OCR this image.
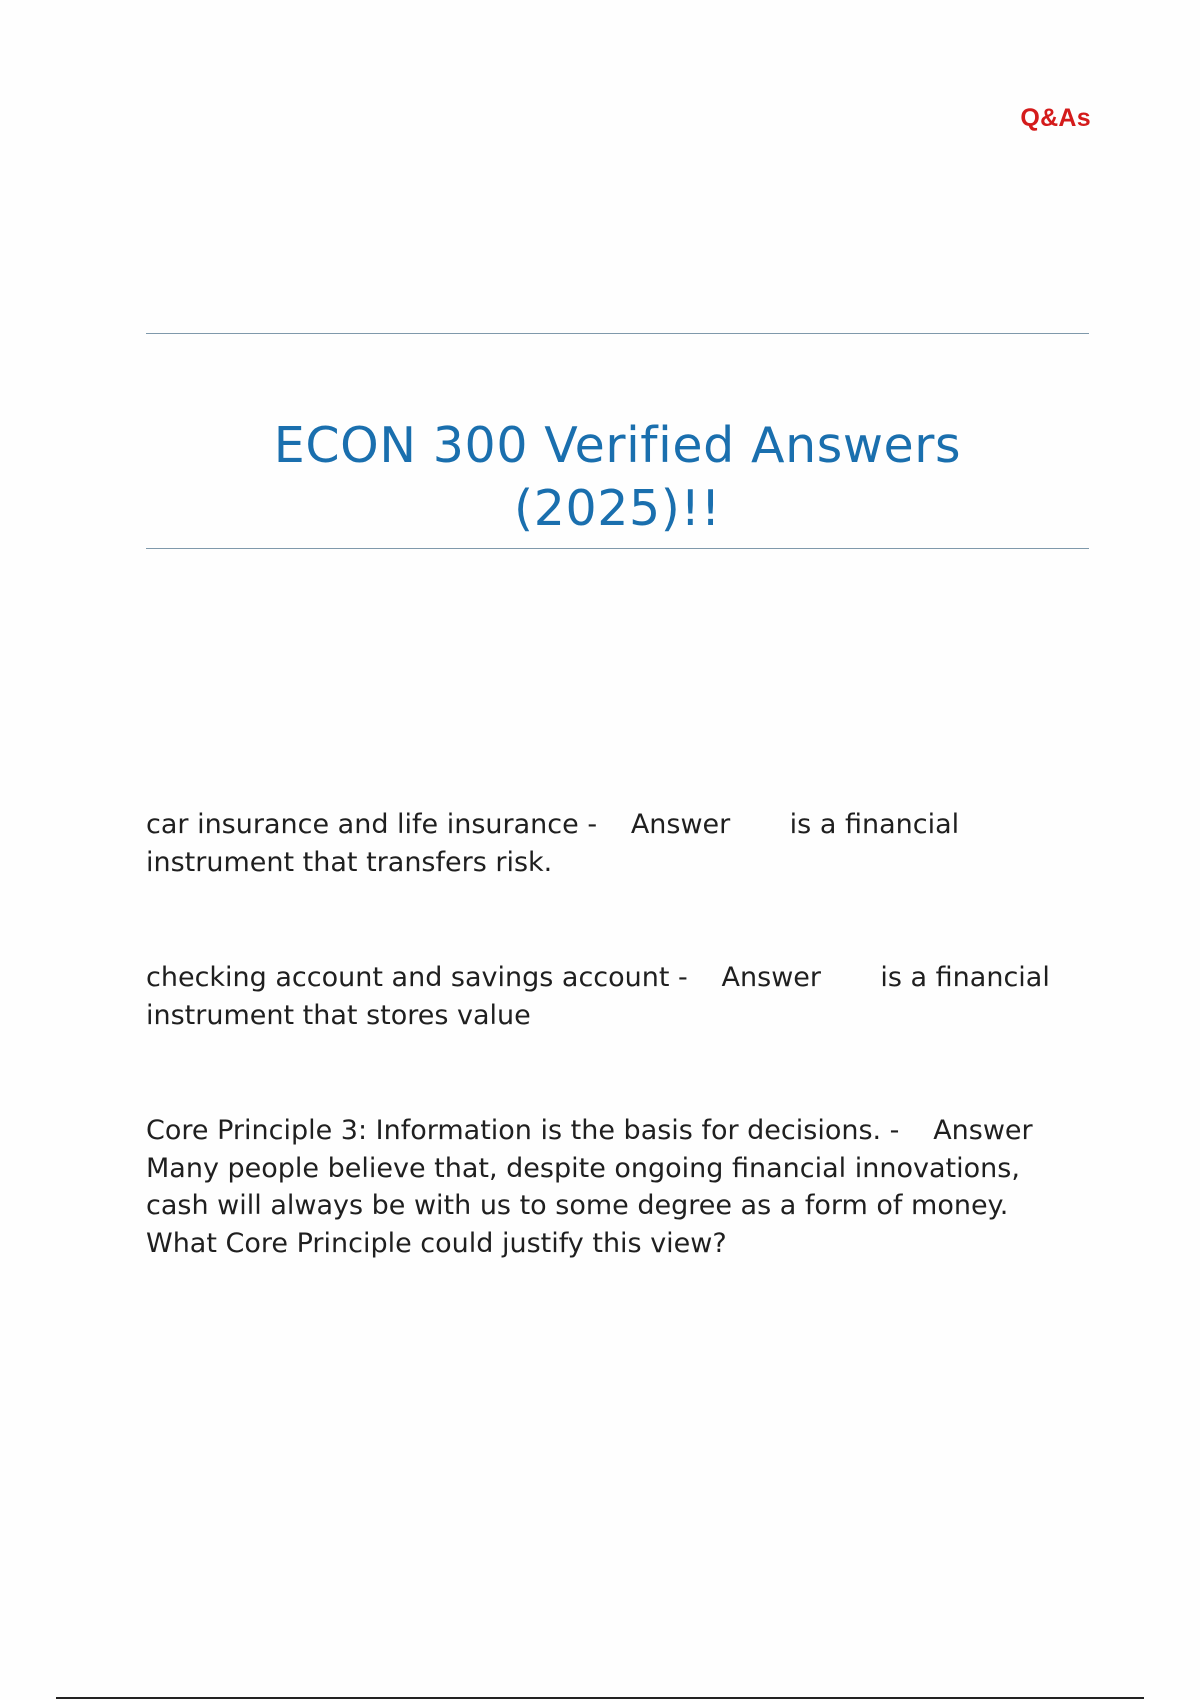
Q&As
ECON 300 Verified Answers
(2025)!!
car insurance and life insurance - Answer is a financial
instrument that transfers risk.
checking account and savings account - Answer is a financial
instrument that stores value
Core Principle 3: Information is the basis for decisions. - Answer
Many people believe that, despite ongoing financial innovations,
cash will always be with us to some degree as a form of money.
What Core Principle could justify this view?
